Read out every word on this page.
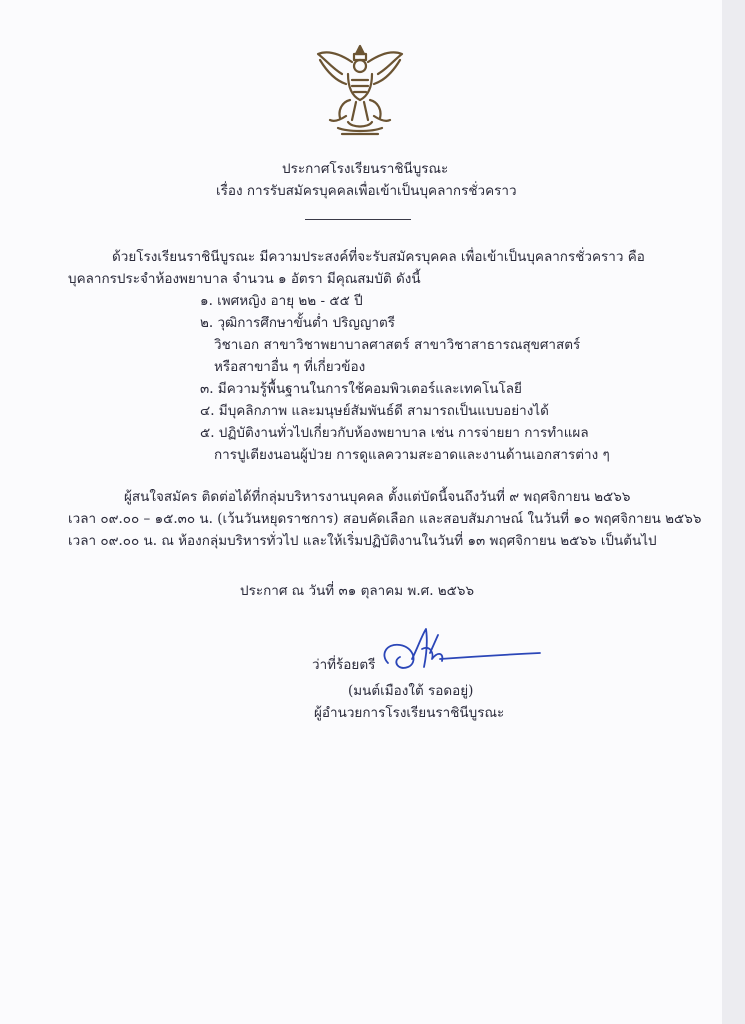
ประกาศโรงเรียนราชินีบูรณะ
เรื่อง การรับสมัครบุคคลเพื่อเข้าเป็นบุคลากรชั่วคราว
ด้วยโรงเรียนราชินีบูรณะ มีความประสงค์ที่จะรับสมัครบุคคล เพื่อเข้าเป็นบุคลากรชั่วคราว คือ
บุคลากรประจำห้องพยาบาล จำนวน ๑ อัตรา มีคุณสมบัติ ดังนี้
๑. เพศหญิง อายุ ๒๒ - ๕๕ ปี
๒. วุฒิการศึกษาขั้นต่ำ ปริญญาตรี
วิชาเอก สาขาวิชาพยาบาลศาสตร์ สาขาวิชาสาธารณสุขศาสตร์
หรือสาขาอื่น ๆ ที่เกี่ยวข้อง
๓. มีความรู้พื้นฐานในการใช้คอมพิวเตอร์และเทคโนโลยี
๔. มีบุคลิกภาพ และมนุษย์สัมพันธ์ดี สามารถเป็นแบบอย่างได้
๕. ปฏิบัติงานทั่วไปเกี่ยวกับห้องพยาบาล เช่น การจ่ายยา การทำแผล
การปูเตียงนอนผู้ป่วย การดูแลความสะอาดและงานด้านเอกสารต่าง ๆ
ผู้สนใจสมัคร ติดต่อได้ที่กลุ่มบริหารงานบุคคล ตั้งแต่บัดนี้จนถึงวันที่ ๙ พฤศจิกายน ๒๕๖๖
เวลา ๐๙.๐๐ – ๑๕.๓๐ น. (เว้นวันหยุดราชการ) สอบคัดเลือก และสอบสัมภาษณ์ ในวันที่ ๑๐ พฤศจิกายน ๒๕๖๖
เวลา ๐๙.๐๐ น. ณ ห้องกลุ่มบริหารทั่วไป และให้เริ่มปฏิบัติงานในวันที่ ๑๓ พฤศจิกายน ๒๕๖๖ เป็นต้นไป
ประกาศ ณ วันที่ ๓๑ ตุลาคม พ.ศ. ๒๕๖๖
ว่าที่ร้อยตรี
(มนต์เมืองใต้ รอดอยู่)
ผู้อำนวยการโรงเรียนราชินีบูรณะ
